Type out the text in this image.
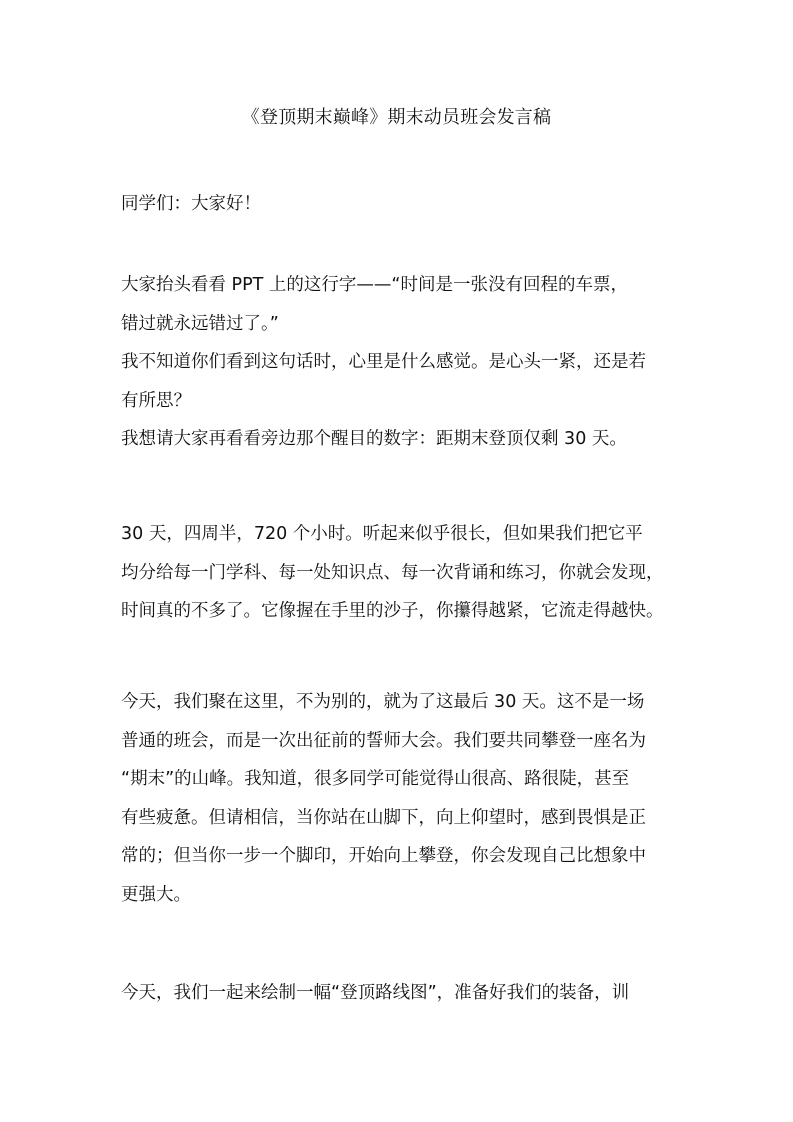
《登顶期末巅峰》期末动员班会发言稿

同学们：大家好！

大家抬头看看 PPT 上的这行字——“时间是一张没有回程的车票，
错过就永远错过了。”
我不知道你们看到这句话时，心里是什么感觉。是心头一紧，还是若
有所思？
我想请大家再看看旁边那个醒目的数字：距期末登顶仅剩 30 天。

30 天，四周半，720 个小时。听起来似乎很长，但如果我们把它平
均分给每一门学科、每一处知识点、每一次背诵和练习，你就会发现，
时间真的不多了。它像握在手里的沙子，你攥得越紧，它流走得越快。

今天，我们聚在这里，不为别的，就为了这最后 30 天。这不是一场
普通的班会，而是一次出征前的誓师大会。我们要共同攀登一座名为
“期末”的山峰。我知道，很多同学可能觉得山很高、路很陡，甚至
有些疲惫。但请相信，当你站在山脚下，向上仰望时，感到畏惧是正
常的；但当你一步一个脚印，开始向上攀登，你会发现自己比想象中
更强大。

今天，我们一起来绘制一幅“登顶路线图”，准备好我们的装备，训
